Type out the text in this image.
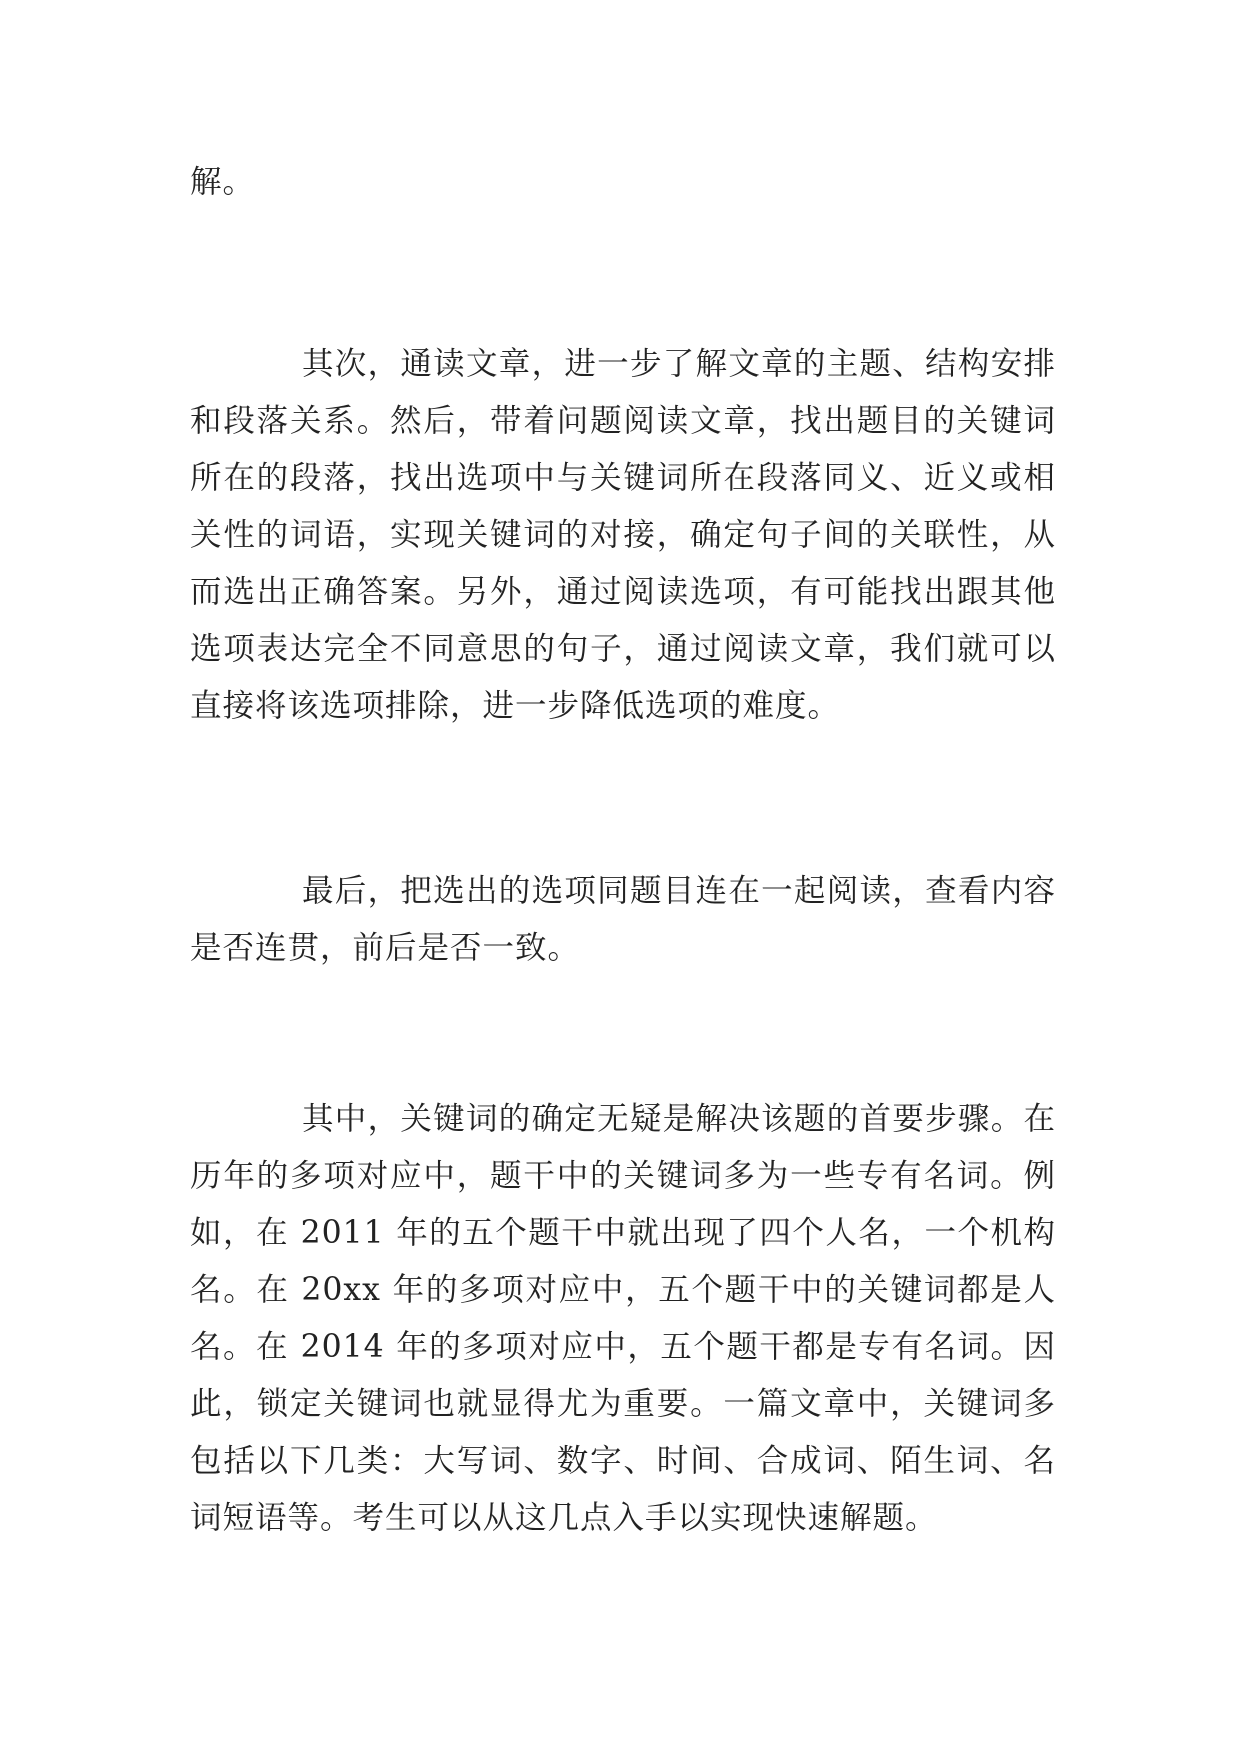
解。

其次，通读文章，进一步了解文章的主题、结构安排和段落关系。然后，带着问题阅读文章，找出题目的关键词所在的段落，找出选项中与关键词所在段落同义、近义或相关性的词语，实现关键词的对接，确定句子间的关联性，从而选出正确答案。另外，通过阅读选项，有可能找出跟其他选项表达完全不同意思的句子，通过阅读文章，我们就可以直接将该选项排除，进一步降低选项的难度。

最后，把选出的选项同题目连在一起阅读，查看内容是否连贯，前后是否一致。

其中，关键词的确定无疑是解决该题的首要步骤。在历年的多项对应中，题干中的关键词多为一些专有名词。例如，在 2011 年的五个题干中就出现了四个人名，一个机构名。在 20xx 年的多项对应中，五个题干中的关键词都是人名。在 2014 年的多项对应中，五个题干都是专有名词。因此，锁定关键词也就显得尤为重要。一篇文章中，关键词多包括以下几类：大写词、数字、时间、合成词、陌生词、名词短语等。考生可以从这几点入手以实现快速解题。
